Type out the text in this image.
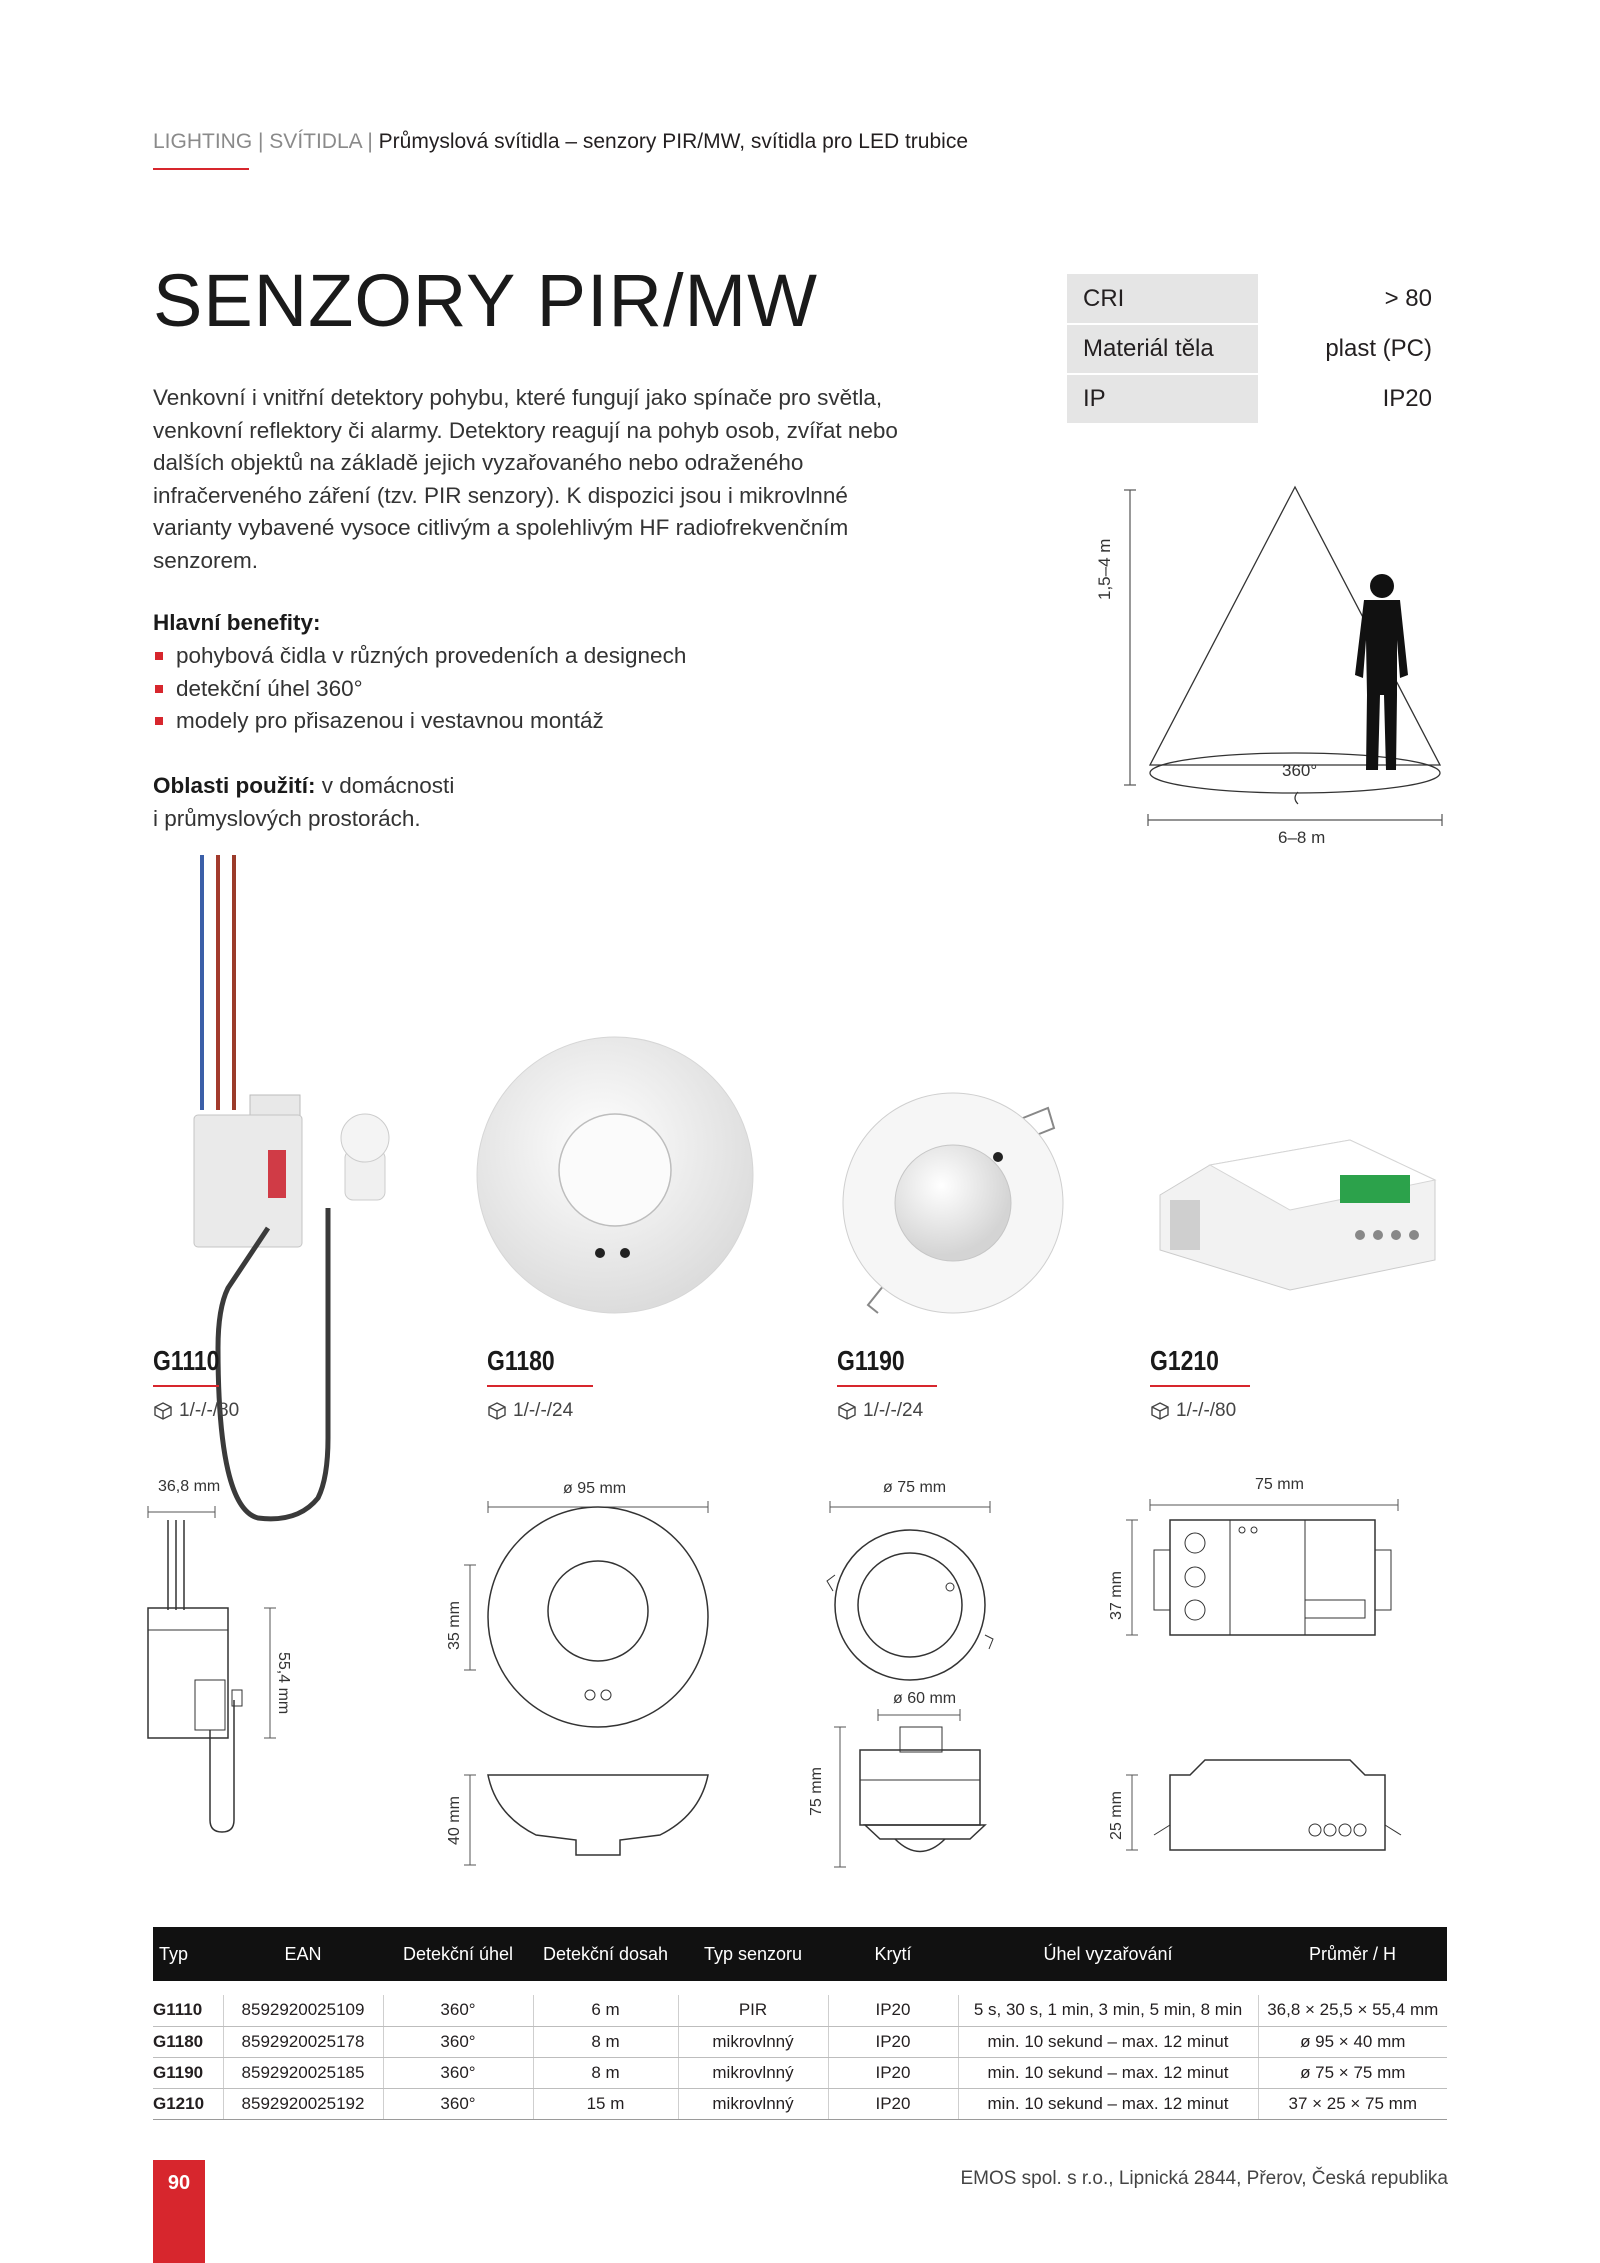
LIGHTING | SVÍTIDLA | Průmyslová svítidla – senzory PIR/MW, svítidla pro LED trubice
SENZORY PIR/MW

Venkovní i vnitřní detektory pohybu, které fungují jako spínače pro světla, venkovní reflektory či alarmy. Detektory reagují na pohyb osob, zvířat nebo dalších objektů na základě jejich vyzařovaného nebo odraženého infračerveného záření (tzv. PIR senzory). K dispozici jsou i mikrovlnné varianty vybavené vysoce citlivým a spolehlivým HF radiofrekvenčním senzorem.

Hlavní benefity:
pohybová čidla v různých provedeních a designech
detekční úhel 360°
modely pro přisazenou i vestavnou montáž
Oblasti použití: v domácnosti
i průmyslových prostorách.
CRI	> 80
Materiál těla	plast (PC)
IP	IP20
1,5–4 m
360°
6–8 m
G1110
1/-/-/80
G1180
1/-/-/24
G1190
1/-/-/24
G1210
1/-/-/80
36,8 mm
55,4 mm
ø 95 mm
35 mm
40 mm
ø 75 mm
ø 60 mm
75 mm
75 mm
37 mm
25 mm
Typ	EAN	Detekční úhel	Detekční dosah	Typ senzoru	Krytí	Úhel vyzařování	Průměr / H

G1110	8592920025109	360°	6 m	PIR	IP20	5 s, 30 s, 1 min, 3 min, 5 min, 8 min	36,8 × 25,5 × 55,4 mm
G1180	8592920025178	360°	8 m	mikrovlnný	IP20	min. 10 sekund – max. 12 minut	ø 95 × 40 mm
G1190	8592920025185	360°	8 m	mikrovlnný	IP20	min. 10 sekund – max. 12 minut	ø 75 × 75 mm
G1210	8592920025192	360°	15 m	mikrovlnný	IP20	min. 10 sekund – max. 12 minut	37 × 25 × 75 mm
90	EMOS spol. s r.o., Lipnická 2844, Přerov, Česká republika
